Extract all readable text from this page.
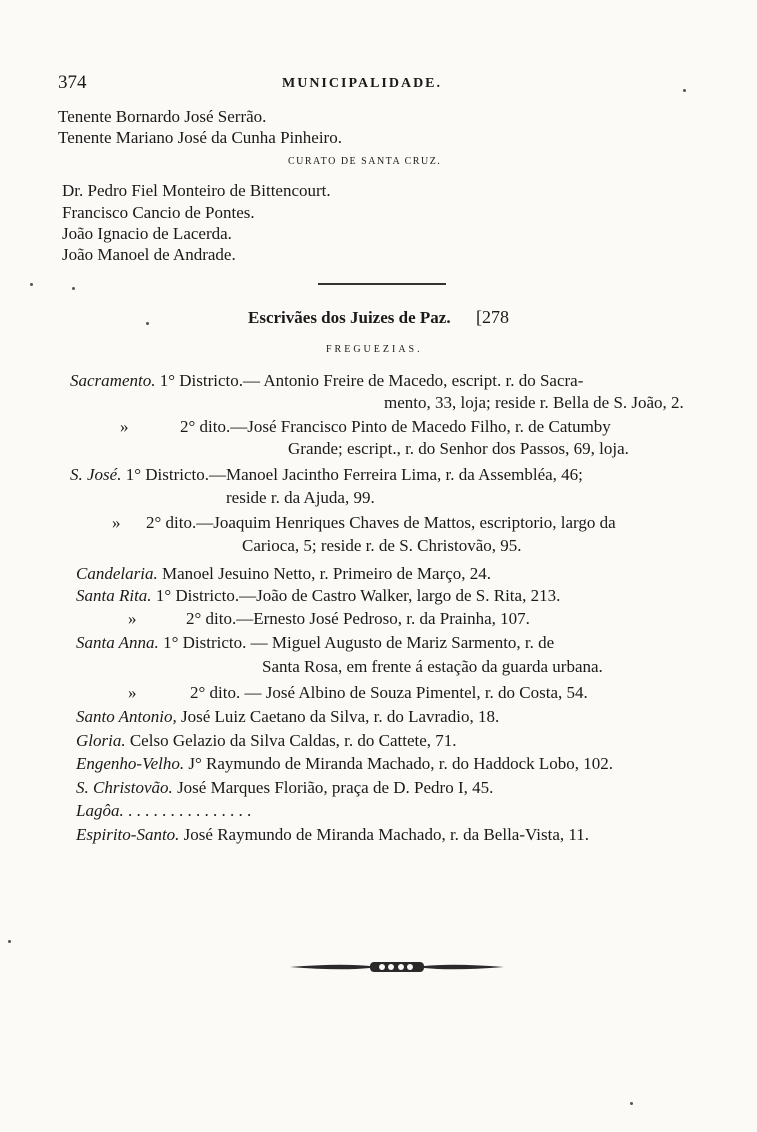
374	MUNICIPALIDADE.
Tenente Bornardo José Serrão.
Tenente Mariano José da Cunha Pinheiro.
CURATO DE SANTA CRUZ.
Dr. Pedro Fiel Monteiro de Bittencourt.
Francisco Cancio de Pontes.
João Ignacio de Lacerda.
João Manoel de Andrade.
Escrivães dos Juizes de Paz. [278
FREGUEZIAS.
Sacramento. 1° Districto.— Antonio Freire de Macedo, escript. r. do Sacra-
mento, 33, loja; reside r. Bella de S. João, 2.
»	2° dito.—José Francisco Pinto de Macedo Filho, r. de Catumby
Grande; escript., r. do Senhor dos Passos, 69, loja.
S. José. 1° Districto.—Manoel Jacintho Ferreira Lima, r. da Assembléa, 46;
reside r. da Ajuda, 99.
» 2° dito.—Joaquim Henriques Chaves de Mattos, escriptorio, largo da
Carioca, 5; reside r. de S. Christovão, 95.
Candelaria. Manoel Jesuino Netto, r. Primeiro de Março, 24.
Santa Rita. 1° Districto.—João de Castro Walker, largo de S. Rita, 213.
»	2° dito.—Ernesto José Pedroso, r. da Prainha, 107.
Santa Anna. 1° Districto. — Miguel Augusto de Mariz Sarmento, r. de
Santa Rosa, em frente á estação da guarda urbana.
»	2° dito. — José Albino de Souza Pimentel, r. do Costa, 54.
Santo Antonio, José Luiz Caetano da Silva, r. do Lavradio, 18.
Gloria. Celso Gelazio da Silva Caldas, r. do Cattete, 71.
Engenho-Velho. J° Raymundo de Miranda Machado, r. do Haddock Lobo, 102.
S. Christovão. José Marques Florião, praça de D. Pedro I, 45.
Lagôa. . . . . . . . . . . . . . . .
Espirito-Santo. José Raymundo de Miranda Machado, r. da Bella-Vista, 11.
